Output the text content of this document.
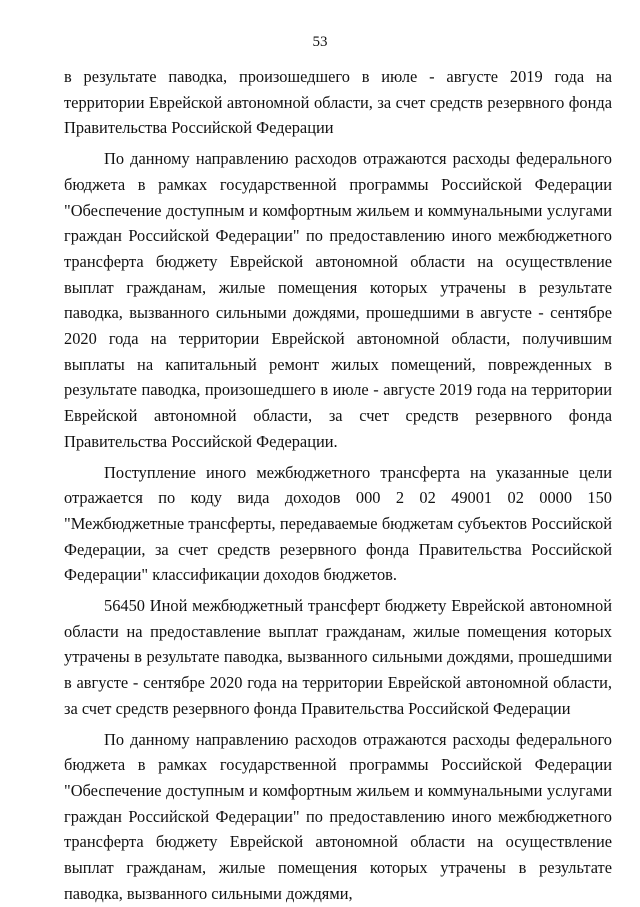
53

в результате паводка, произошедшего в июле - августе 2019 года на территории Еврейской автономной области, за счет средств резервного фонда Правительства Российской Федерации

По данному направлению расходов отражаются расходы федерального бюджета в рамках государственной программы Российской Федерации "Обеспечение доступным и комфортным жильем и коммунальными услугами граждан Российской Федерации" по предоставлению иного межбюджетного трансферта бюджету Еврейской автономной области на осуществление выплат гражданам, жилые помещения которых утрачены в результате паводка, вызванного сильными дождями, прошедшими в августе - сентябре 2020 года на территории Еврейской автономной области, получившим выплаты на капитальный ремонт жилых помещений, поврежденных в результате паводка, произошедшего в июле - августе 2019 года на территории Еврейской автономной области, за счет средств резервного фонда Правительства Российской Федерации.

Поступление иного межбюджетного трансферта на указанные цели отражается по коду вида доходов 000 2 02 49001 02 0000 150 "Межбюджетные трансферты, передаваемые бюджетам субъектов Российской Федерации, за счет средств резервного фонда Правительства Российской Федерации" классификации доходов бюджетов.

56450 Иной межбюджетный трансферт бюджету Еврейской автономной области на предоставление выплат гражданам, жилые помещения которых утрачены в результате паводка, вызванного сильными дождями, прошедшими в августе - сентябре 2020 года на территории Еврейской автономной области, за счет средств резервного фонда Правительства Российской Федерации

По данному направлению расходов отражаются расходы федерального бюджета в рамках государственной программы Российской Федерации "Обеспечение доступным и комфортным жильем и коммунальными услугами граждан Российской Федерации" по предоставлению иного межбюджетного трансферта бюджету Еврейской автономной области на осуществление выплат гражданам, жилые помещения которых утрачены в результате паводка, вызванного сильными дождями,
